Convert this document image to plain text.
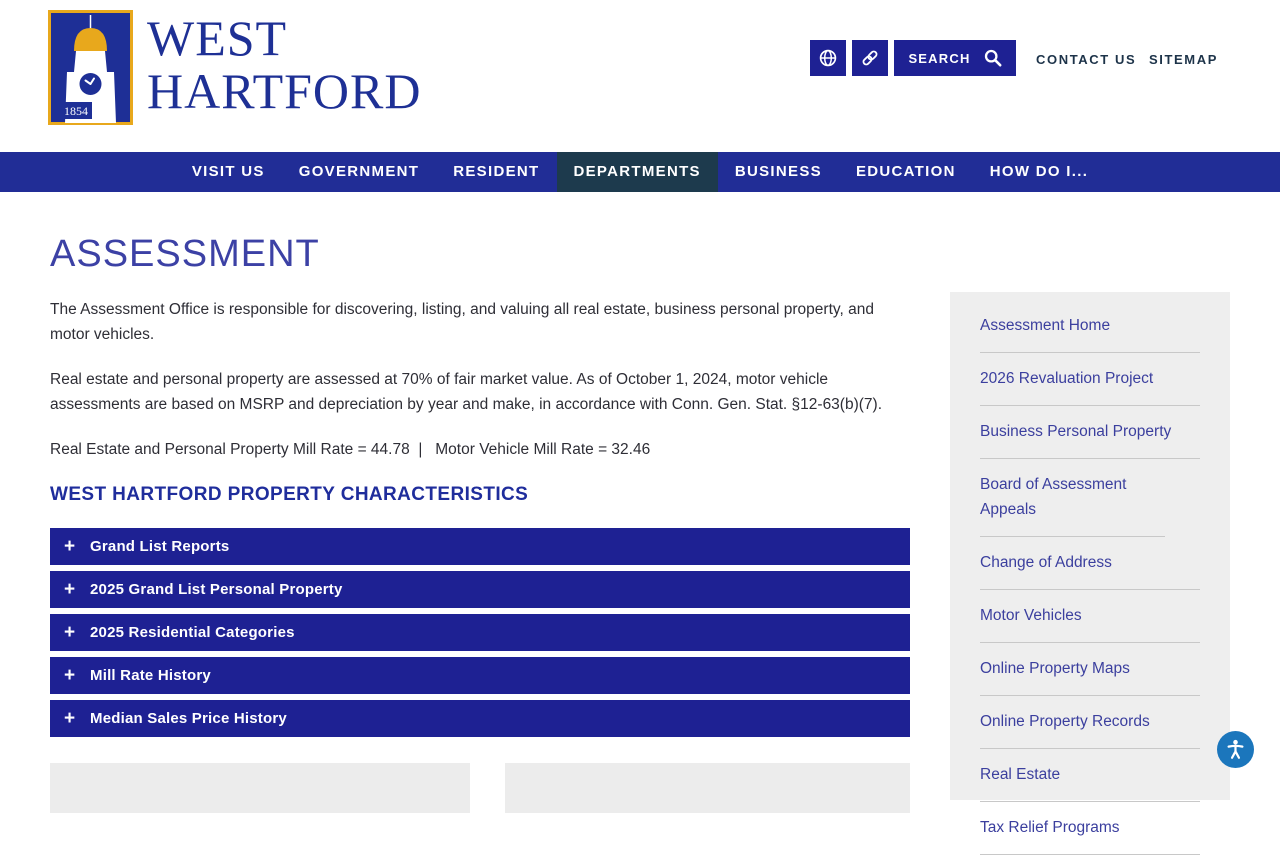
1854
WEST
HARTFORD
SEARCH	CONTACT US SITEMAP
VISIT US	GOVERNMENT	RESIDENT	DEPARTMENTS	BUSINESS	EDUCATION	HOW DO I...
ASSESSMENT

The Assessment Office is responsible for discovering, listing, and valuing all real estate, business personal property, and motor vehicles.

Real estate and personal property are assessed at 70% of fair market value. As of October 1, 2024, motor vehicle assessments are based on MSRP and depreciation by year and make, in accordance with Conn. Gen. Stat. §12-63(b)(7).

Real Estate and Personal Property Mill Rate = 44.78  |   Motor Vehicle Mill Rate = 32.46

WEST HARTFORD PROPERTY CHARACTERISTICS
+ Grand List Reports
+ 2025 Grand List Personal Property
+ 2025 Residential Categories
+ Mill Rate History
+ Median Sales Price History
Assessment Home
2026 Revaluation Project
Business Personal Property
Board of Assessment Appeals
Change of Address
Motor Vehicles
Online Property Maps
Online Property Records
Real Estate
Tax Relief Programs
